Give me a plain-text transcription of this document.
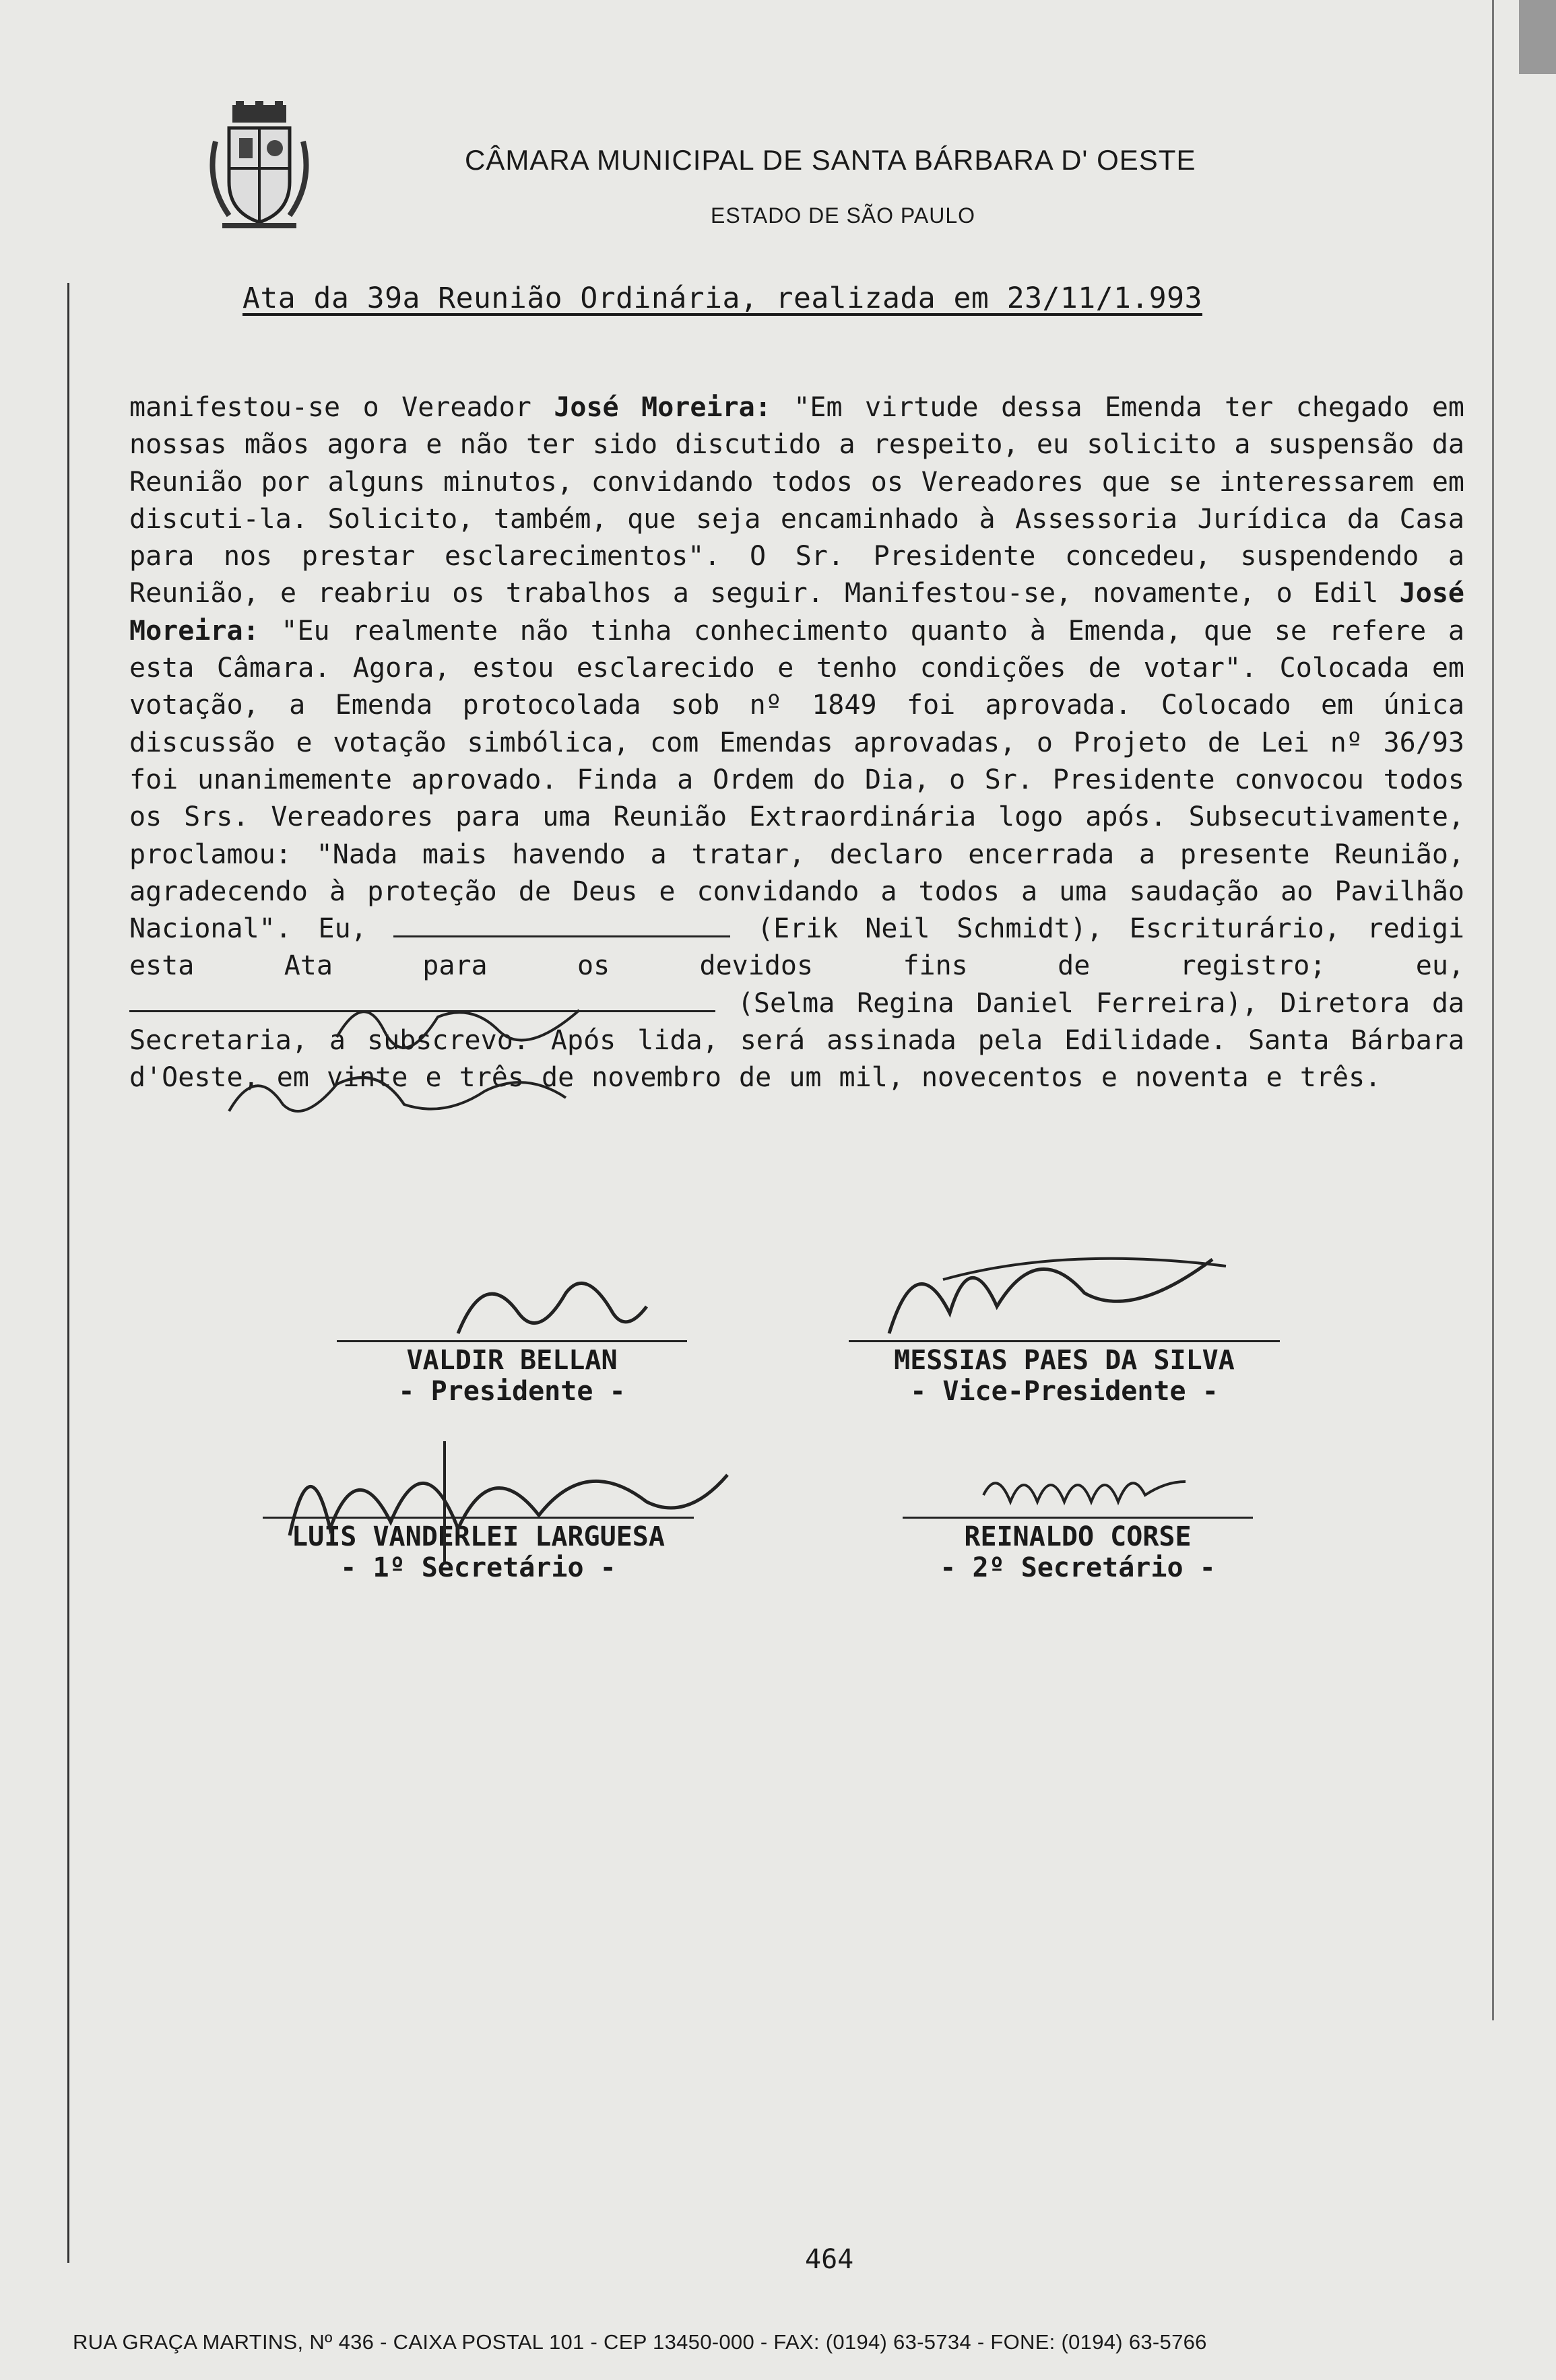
CÂMARA MUNICIPAL DE SANTA BÁRBARA D' OESTE
ESTADO DE SÃO PAULO
Ata da 39a Reunião Ordinária, realizada em 23/11/1.993
manifestou-se o Vereador José Moreira: "Em virtude dessa Emenda ter chegado em nossas mãos agora e não ter sido discutido a respeito, eu solicito a suspensão da Reunião por alguns minutos, convidando todos os Vereadores que se interessarem em discuti-la. Solicito, também, que seja encaminhado à Assessoria Jurídica da Casa para nos prestar esclarecimentos". O Sr. Presidente concedeu, suspendendo a Reunião, e reabriu os trabalhos a seguir. Manifestou-se, novamente, o Edil José Moreira: "Eu realmente não tinha conhecimento quanto à Emenda, que se refere a esta Câmara. Agora, estou esclarecido e tenho condições de votar". Colocada em votação, a Emenda protocolada sob nº 1849 foi aprovada. Colocado em única discussão e votação simbólica, com Emendas aprovadas, o Projeto de Lei nº 36/93 foi unanimemente aprovado. Finda a Ordem do Dia, o Sr. Presidente convocou todos os Srs. Vereadores para uma Reunião Extraordinária logo após. Subsecutivamente, proclamou: "Nada mais havendo a tratar, declaro encerrada a presente Reunião, agradecendo à proteção de Deus e convidando a todos a uma saudação ao Pavilhão Nacional". Eu,	(Erik Neil Schmidt), Escriturário, redigi esta Ata para os devidos fins de registro; eu,  (Selma Regina Daniel Ferreira), Diretora da Secretaria, a subscrevo. Após lida, será assinada pela Edilidade. Santa Bárbara d'Oeste, em vinte e três de novembro de um mil, novecentos e noventa e três.
VALDIR BELLAN
- Presidente -
MESSIAS PAES DA SILVA
- Vice-Presidente -
LUIS VANDERLEI LARGUESA
- 1º Secretário -
REINALDO CORSE
- 2º Secretário -
464
RUA GRAÇA MARTINS, Nº 436 - CAIXA POSTAL 101 - CEP 13450-000 - FAX: (0194) 63-5734 - FONE: (0194) 63-5766
